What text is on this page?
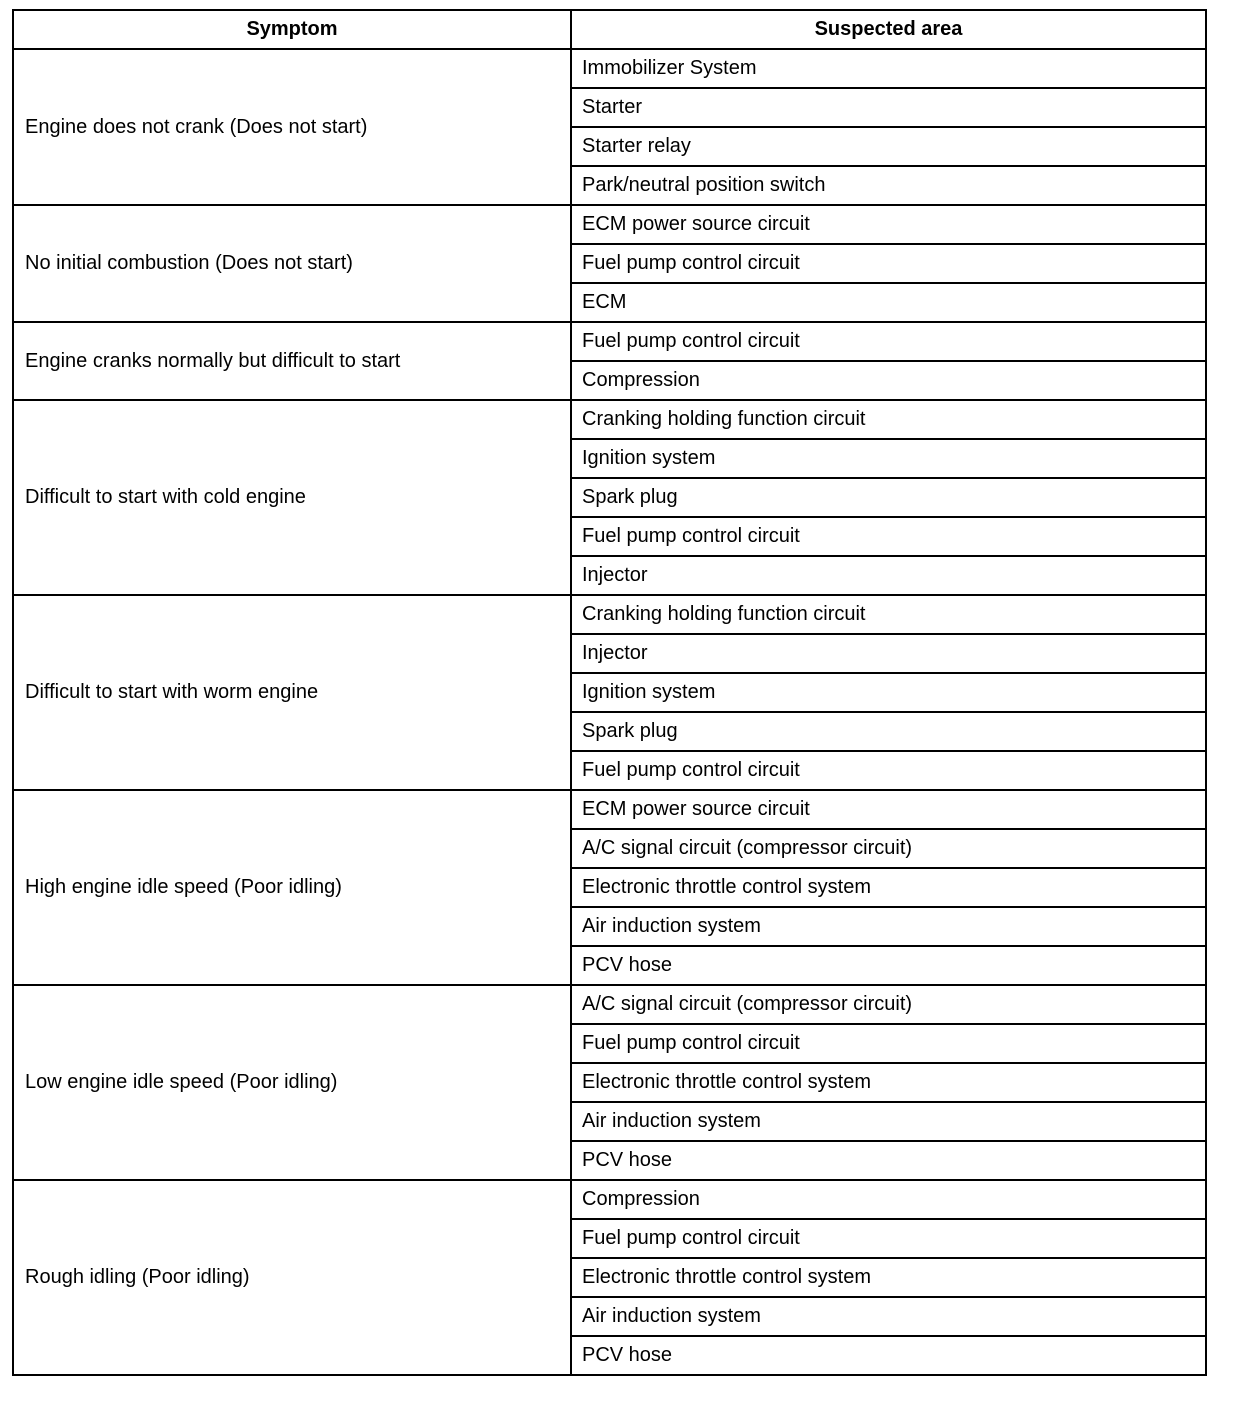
Symptom	Suspected area
Engine does not crank (Does not start)	Immobilizer System
	Starter
	Starter relay
	Park/neutral position switch
No initial combustion (Does not start)	ECM power source circuit
	Fuel pump control circuit
	ECM
Engine cranks normally but difficult to start	Fuel pump control circuit
	Compression
Difficult to start with cold engine	Cranking holding function circuit
	Ignition system
	Spark plug
	Fuel pump control circuit
	Injector
Difficult to start with worm engine	Cranking holding function circuit
	Injector
	Ignition system
	Spark plug
	Fuel pump control circuit
High engine idle speed (Poor idling)	ECM power source circuit
	A/C signal circuit (compressor circuit)
	Electronic throttle control system
	Air induction system
	PCV hose
Low engine idle speed (Poor idling)	A/C signal circuit (compressor circuit)
	Fuel pump control circuit
	Electronic throttle control system
	Air induction system
	PCV hose
Rough idling (Poor idling)	Compression
	Fuel pump control circuit
	Electronic throttle control system
	Air induction system
	PCV hose
